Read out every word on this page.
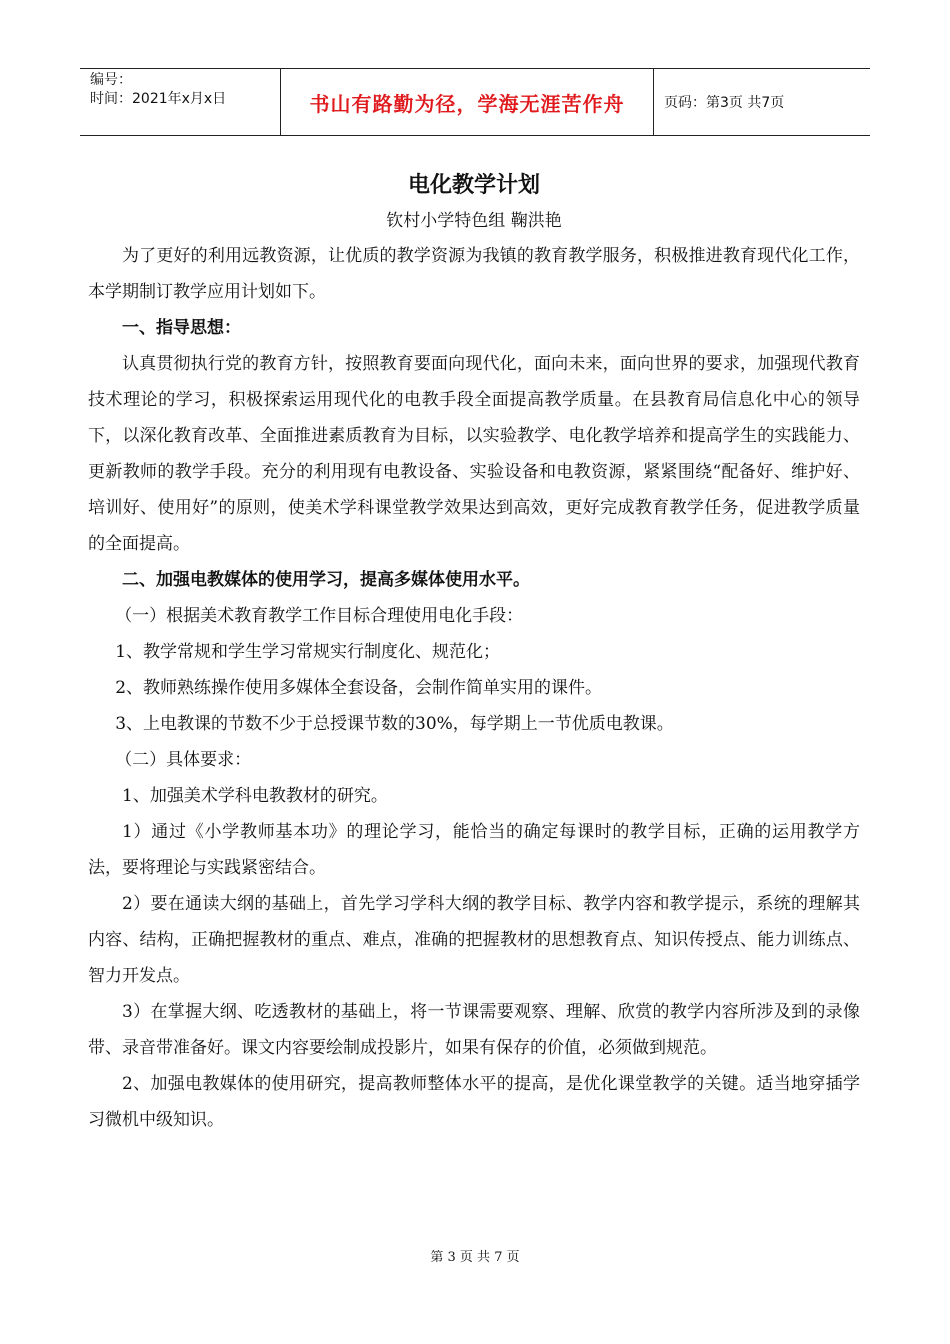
编号：
时间：2021年x月x日	书山有路勤为径，学海无涯苦作舟	页码：第3页 共7页
电化教学计划
钦村小学特色组 鞠洪艳

为了更好的利用远教资源，让优质的教学资源为我镇的教育教学服务，积极推进教育现代化工作，本学期制订教学应用计划如下。

一、指导思想：

认真贯彻执行党的教育方针，按照教育要面向现代化，面向未来，面向世界的要求，加强现代教育技术理论的学习，积极探索运用现代化的电教手段全面提高教学质量。在县教育局信息化中心的领导下，以深化教育改革、全面推进素质教育为目标，以实验教学、电化教学培养和提高学生的实践能力、更新教师的教学手段。充分的利用现有电教设备、实验设备和电教资源，紧紧围绕“配备好、维护好、培训好、使用好”的原则，使美术学科课堂教学效果达到高效，更好完成教育教学任务，促进教学质量的全面提高。

二、加强电教媒体的使用学习，提高多媒体使用水平。

（一）根据美术教育教学工作目标合理使用电化手段：

1、教学常规和学生学习常规实行制度化、规范化；

2、教师熟练操作使用多媒体全套设备，会制作简单实用的课件。

3、上电教课的节数不少于总授课节数的30%，每学期上一节优质电教课。

（二）具体要求：

1、加强美术学科电教教材的研究。

1）通过《小学教师基本功》的理论学习，能恰当的确定每课时的教学目标，正确的运用教学方法，要将理论与实践紧密结合。

2）要在通读大纲的基础上，首先学习学科大纲的教学目标、教学内容和教学提示，系统的理解其内容、结构，正确把握教材的重点、难点，准确的把握教材的思想教育点、知识传授点、能力训练点、智力开发点。

3）在掌握大纲、吃透教材的基础上，将一节课需要观察、理解、欣赏的教学内容所涉及到的录像带、录音带准备好。课文内容要绘制成投影片，如果有保存的价值，必须做到规范。

2、加强电教媒体的使用研究，提高教师整体水平的提高，是优化课堂教学的关键。适当地穿插学习微机中级知识。

第 3 页 共 7 页
